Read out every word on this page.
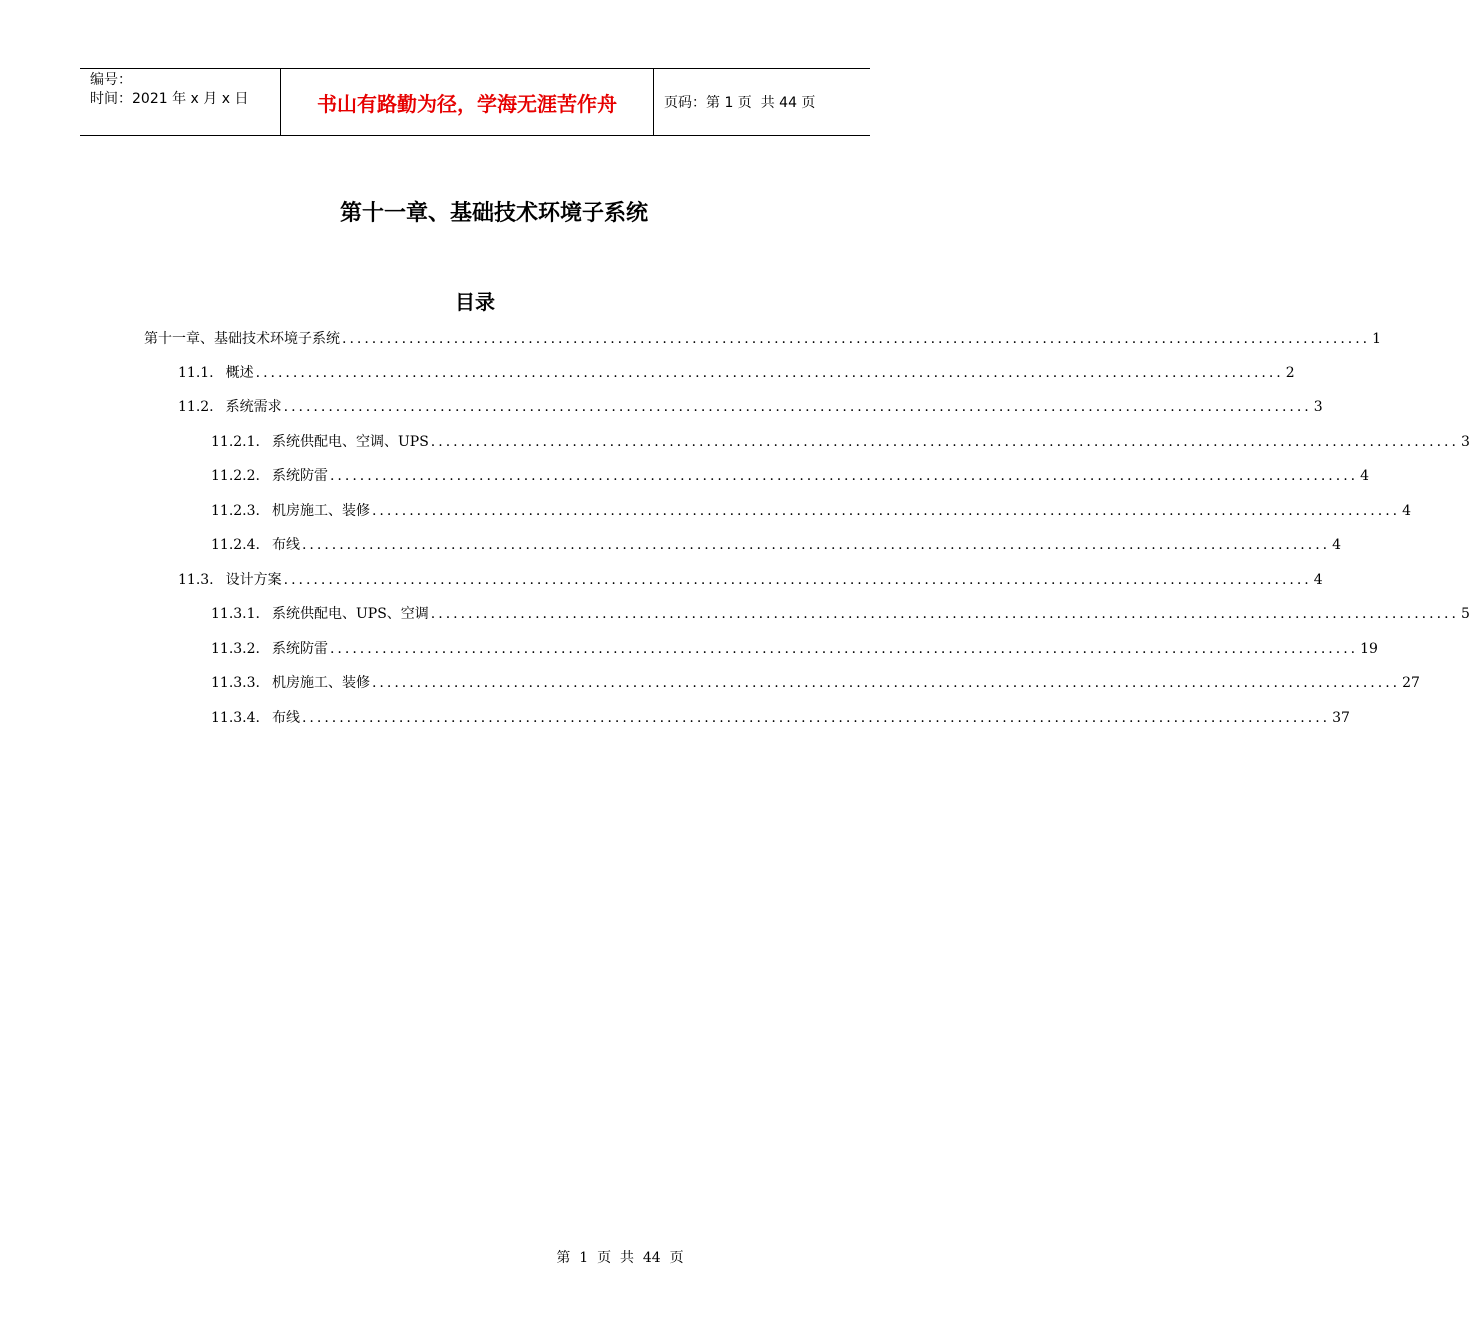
编号：
时间：2021 年 x 月 x 日	书山有路勤为径，学海无涯苦作舟	页码：第 1 页  共 44 页
第十一章、基础技术环境子系统
目录
第十一章、基础技术环境子系统 .......................................................................................................................................... 1
11.1. 概述 .......................................................................................................................................... 2
11.2. 系统需求 .......................................................................................................................................... 3
11.2.1. 系统供配电、空调、UPS .......................................................................................................................................... 3
11.2.2. 系统防雷 .......................................................................................................................................... 4
11.2.3. 机房施工、装修 .......................................................................................................................................... 4
11.2.4. 布线 .......................................................................................................................................... 4
11.3. 设计方案 .......................................................................................................................................... 4
11.3.1. 系统供配电、UPS、空调 .......................................................................................................................................... 5
11.3.2. 系统防雷 .......................................................................................................................................... 19
11.3.3. 机房施工、装修 .......................................................................................................................................... 27
11.3.4. 布线 .......................................................................................................................................... 37
第  1  页  共  44  页
